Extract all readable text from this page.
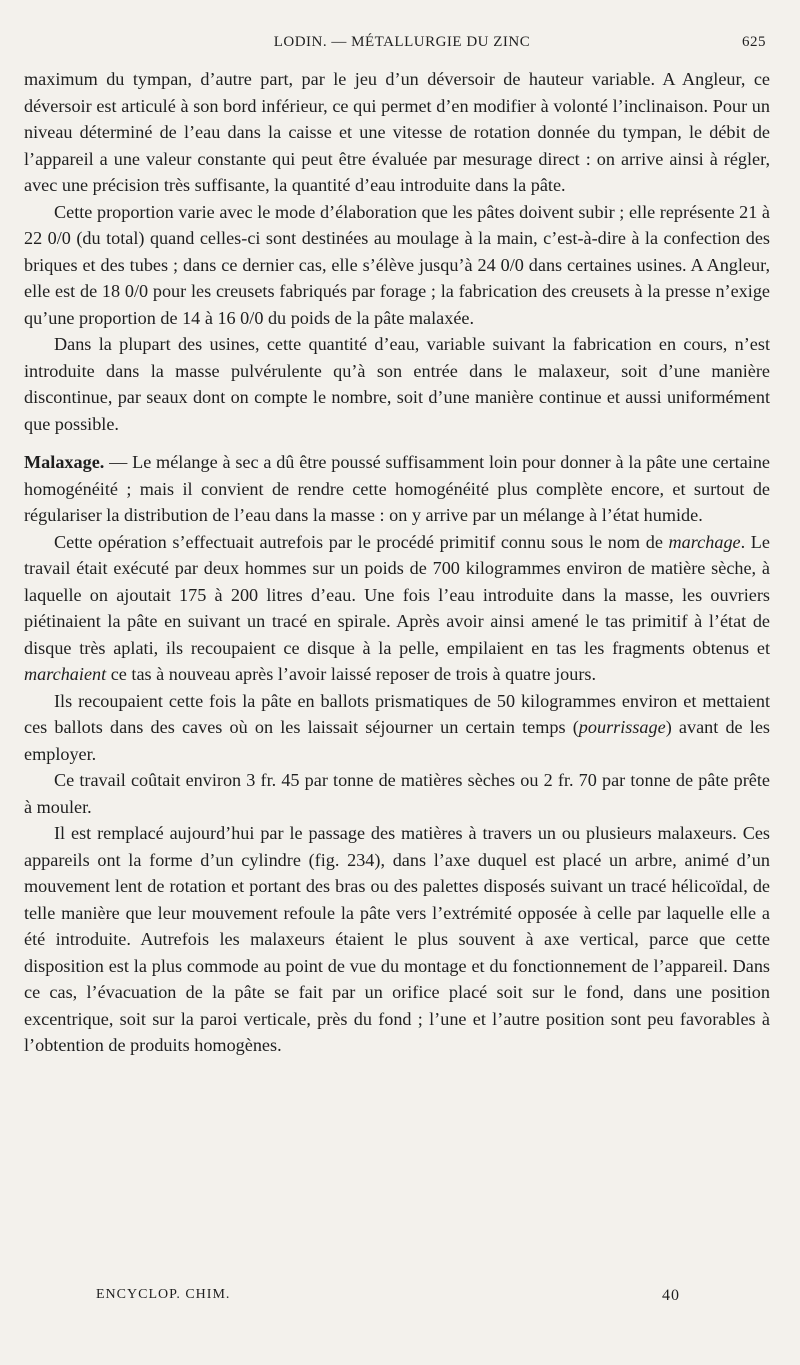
LODIN. — MÉTALLURGIE DU ZINC	625

maximum du tympan, d’autre part, par le jeu d’un déversoir de hauteur variable. A Angleur, ce déversoir est articulé à son bord inférieur, ce qui permet d’en modifier à volonté l’inclinaison. Pour un niveau déterminé de l’eau dans la caisse et une vitesse de rotation donnée du tympan, le débit de l’appareil a une valeur constante qui peut être évaluée par mesurage direct : on arrive ainsi à régler, avec une précision très suffisante, la quantité d’eau introduite dans la pâte.

Cette proportion varie avec le mode d’élaboration que les pâtes doivent subir ; elle représente 21 à 22 0/0 (du total) quand celles-ci sont destinées au moulage à la main, c’est-à-dire à la confection des briques et des tubes ; dans ce dernier cas, elle s’élève jusqu’à 24 0/0 dans certaines usines. A Angleur, elle est de 18 0/0 pour les creusets fabriqués par forage ; la fabrication des creusets à la presse n’exige qu’une proportion de 14 à 16 0/0 du poids de la pâte malaxée.

Dans la plupart des usines, cette quantité d’eau, variable suivant la fabrication en cours, n’est introduite dans la masse pulvérulente qu’à son entrée dans le malaxeur, soit d’une manière discontinue, par seaux dont on compte le nombre, soit d’une manière continue et aussi uniformément que possible.

Malaxage. — Le mélange à sec a dû être poussé suffisamment loin pour donner à la pâte une certaine homogénéité ; mais il convient de rendre cette homogénéité plus complète encore, et surtout de régulariser la distribution de l’eau dans la masse : on y arrive par un mélange à l’état humide.

Cette opération s’effectuait autrefois par le procédé primitif connu sous le nom de marchage. Le travail était exécuté par deux hommes sur un poids de 700 kilogrammes environ de matière sèche, à laquelle on ajoutait 175 à 200 litres d’eau. Une fois l’eau introduite dans la masse, les ouvriers piétinaient la pâte en suivant un tracé en spirale. Après avoir ainsi amené le tas primitif à l’état de disque très aplati, ils recoupaient ce disque à la pelle, empilaient en tas les fragments obtenus et marchaient ce tas à nouveau après l’avoir laissé reposer de trois à quatre jours.

Ils recoupaient cette fois la pâte en ballots prismatiques de 50 kilogrammes environ et mettaient ces ballots dans des caves où on les laissait séjourner un certain temps (pourrissage) avant de les employer.

Ce travail coûtait environ 3 fr. 45 par tonne de matières sèches ou 2 fr. 70 par tonne de pâte prête à mouler.

Il est remplacé aujourd’hui par le passage des matières à travers un ou plusieurs malaxeurs. Ces appareils ont la forme d’un cylindre (fig. 234), dans l’axe duquel est placé un arbre, animé d’un mouvement lent de rotation et portant des bras ou des palettes disposés suivant un tracé hélicoïdal, de telle manière que leur mouvement refoule la pâte vers l’extrémité opposée à celle par laquelle elle a été introduite. Autrefois les malaxeurs étaient le plus souvent à axe vertical, parce que cette disposition est la plus commode au point de vue du montage et du fonctionnement de l’appareil. Dans ce cas, l’évacuation de la pâte se fait par un orifice placé soit sur le fond, dans une position excentrique, soit sur la paroi verticale, près du fond ; l’une et l’autre position sont peu favorables à l’obtention de produits homogènes.

ENCYCLOP. CHIM.	40
